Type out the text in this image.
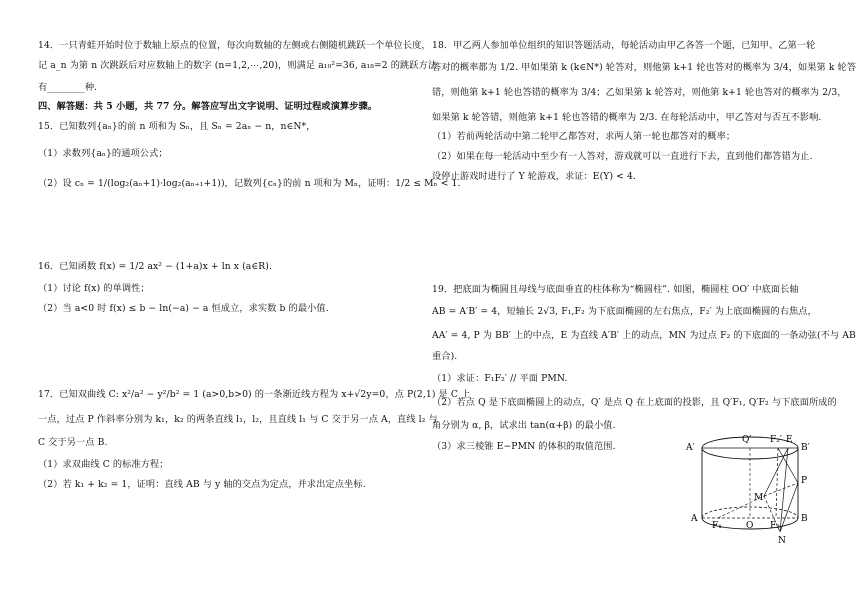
14．一只青蛙开始时位于数轴上原点的位置，每次向数轴的左侧或右侧随机跳跃一个单位长度，
记 a_n 为第 n 次跳跃后对应数轴上的数字 (n=1,2,⋯,20)，则满足 a₁₀²=36, a₁₈=2 的跳跃方法
有________种.
四、解答题：共 5 小题，共 77 分。解答应写出文字说明、证明过程或演算步骤。
15．已知数列{aₙ}的前 n 项和为 Sₙ，且 Sₙ = 2aₙ − n，n∈N*，
（1）求数列{aₙ}的通项公式；
（2）设 cₙ = 1/(log₂(aₙ+1)·log₂(aₙ₊₁+1))，记数列{cₙ}的前 n 项和为 Mₙ，证明：1/2 ≤ Mₙ < 1.
16．已知函数 f(x) = 1/2 ax² − (1+a)x + ln x (a∈R).
（1）讨论 f(x) 的单调性；
（2）当 a<0 时 f(x) ≤ b − ln(−a) − a 恒成立，求实数 b 的最小值.
17．已知双曲线 C: x²/a² − y²/b² = 1 (a>0,b>0) 的一条渐近线方程为 x+√2y=0，点 P(2,1) 是 C 上
一点，过点 P 作斜率分别为 k₁，k₂ 的两条直线 l₁，l₂，且直线 l₁ 与 C 交于另一点 A，直线 l₂ 与
C 交于另一点 B.
（1）求双曲线 C 的标准方程；
（2）若 k₁ + k₂ = 1，证明：直线 AB 与 y 轴的交点为定点，并求出定点坐标.
18．甲乙两人参加单位组织的知识答题活动，每轮活动由甲乙各答一个题，已知甲、乙第一轮
答对的概率都为 1/2. 甲如果第 k (k∈N*) 轮答对，则他第 k+1 轮也答对的概率为 3/4，如果第 k 轮答
错，则他第 k+1 轮也答错的概率为 3/4；乙如果第 k 轮答对，则他第 k+1 轮也答对的概率为 2/3，
如果第 k 轮答错，则他第 k+1 轮也答错的概率为 2/3. 在每轮活动中，甲乙答对与否互不影响.
（1）若前两轮活动中第二轮甲乙都答对，求两人第一轮也都答对的概率；
（2）如果在每一轮活动中至少有一人答对，游戏就可以一直进行下去，直到他们都答错为止.
设停止游戏时进行了 Y 轮游戏，求证：E(Y) < 4.
19．把底面为椭圆且母线与底面垂直的柱体称为“椭圆柱”. 如图，椭圆柱 OO′ 中底面长轴
AB = A′B′ = 4，短轴长 2√3, F₁,F₂ 为下底面椭圆的左右焦点，F₂′ 为上底面椭圆的右焦点，
AA′ = 4, P 为 BB′ 上的中点，E 为直线 A′B′ 上的动点，MN 为过点 F₂ 的下底面的一条动弦(不与 AB
重合).
（1）求证：F₁F₂′ // 平面 PMN.
（2）若点 Q 是下底面椭圆上的动点，Q′ 是点 Q 在上底面的投影，且 Q′F₁, Q′F₂ 与下底面所成的
角分别为 α, β，试求出 tan(α+β) 的最小值.
（3）求三棱锥 E−PMN 的体积的取值范围.	A′
Q′ F₂′ E
B′
P
M
A
F₁	O F₂
B
N
